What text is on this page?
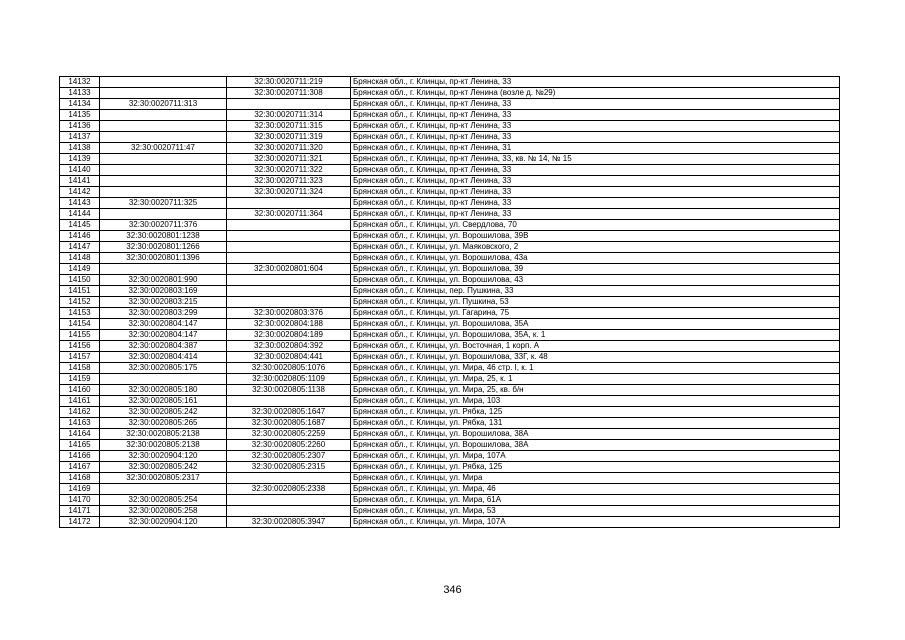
14132		32:30:0020711:219	Брянская обл., г. Клинцы, пр-кт Ленина, 33
14133		32:30:0020711:308	Брянская обл., г. Клинцы, пр-кт Ленина (возле д. №29)
14134	32:30:0020711:313		Брянская обл., г. Клинцы, пр-кт Ленина, 33
14135		32:30:0020711:314	Брянская обл., г. Клинцы, пр-кт Ленина, 33
14136		32:30:0020711:315	Брянская обл., г. Клинцы, пр-кт Ленина, 33
14137		32:30:0020711:319	Брянская обл., г. Клинцы, пр-кт Ленина, 33
14138	32:30:0020711:47	32:30:0020711:320	Брянская обл., г. Клинцы, пр-кт Ленина, 31
14139		32:30:0020711:321	Брянская обл., г. Клинцы, пр-кт Ленина, 33, кв. № 14, № 15
14140		32:30:0020711:322	Брянская обл., г. Клинцы, пр-кт Ленина, 33
14141		32:30:0020711:323	Брянская обл., г. Клинцы, пр-кт Ленина, 33
14142		32:30:0020711:324	Брянская обл., г. Клинцы, пр-кт Ленина, 33
14143	32:30:0020711:325		Брянская обл., г. Клинцы, пр-кт Ленина, 33
14144		32:30:0020711:364	Брянская обл., г. Клинцы, пр-кт Ленина, 33
14145	32:30:0020711:376		Брянская обл., г. Клинцы, ул. Свердлова, 70
14146	32:30:0020801:1238		Брянская обл., г. Клинцы, ул. Ворошилова, 39В
14147	32:30:0020801:1266		Брянская обл., г. Клинцы, ул. Маяковского, 2
14148	32:30:0020801:1396		Брянская обл., г. Клинцы, ул. Ворошилова, 43а
14149		32:30:0020801:604	Брянская обл., г. Клинцы, ул. Ворошилова, 39
14150	32:30:0020801:990		Брянская обл., г. Клинцы, ул. Ворошилова, 43
14151	32:30:0020803:169		Брянская обл., г. Клинцы, пер. Пушкина, 33
14152	32:30:0020803:215		Брянская обл., г. Клинцы, ул. Пушкина, 53
14153	32:30:0020803:299	32:30:0020803:376	Брянская обл., г. Клинцы, ул. Гагарина, 75
14154	32:30:0020804:147	32:30:0020804:188	Брянская обл., г. Клинцы, ул. Ворошилова, 35А
14155	32:30:0020804:147	32:30:0020804:189	Брянская обл., г. Клинцы, ул. Ворошилова, 35А, к. 1
14156	32:30:0020804:387	32:30:0020804:392	Брянская обл., г. Клинцы, ул. Восточная, 1 корп. А
14157	32:30:0020804:414	32:30:0020804:441	Брянская обл., г. Клинцы, ул. Ворошилова, 33Г, к. 48
14158	32:30:0020805:175	32:30:0020805:1076	Брянская обл., г. Клинцы, ул. Мира, 46 стр. I, к. 1
14159		32:30:0020805:1109	Брянская обл., г. Клинцы, ул. Мира, 25, к. 1
14160	32:30:0020805:180	32:30:0020805:1138	Брянская обл., г. Клинцы, ул. Мира, 25, кв. б/н
14161	32:30:0020805:161		Брянская обл., г. Клинцы, ул. Мира, 103
14162	32:30:0020805:242	32:30:0020805:1647	Брянская обл., г. Клинцы, ул. Рябка, 125
14163	32:30:0020805:265	32:30:0020805:1687	Брянская обл., г. Клинцы, ул. Рябка, 131
14164	32:30:0020805:2138	32:30:0020805:2259	Брянская обл., г. Клинцы, ул. Ворошилова, 38А
14165	32:30:0020805:2138	32:30:0020805:2260	Брянская обл., г. Клинцы, ул. Ворошилова, 38А
14166	32:30:0020904:120	32:30:0020805:2307	Брянская обл., г. Клинцы, ул. Мира, 107А
14167	32:30:0020805:242	32:30:0020805:2315	Брянская обл., г. Клинцы, ул. Рябка, 125
14168	32:30:0020805:2317		Брянская обл., г. Клинцы, ул. Мира
14169		32:30:0020805:2338	Брянская обл., г. Клинцы, ул. Мира, 46
14170	32:30:0020805:254		Брянская обл., г. Клинцы, ул. Мира, 61А
14171	32:30:0020805:258		Брянская обл., г. Клинцы, ул. Мира, 53
14172	32:30:0020904:120	32:30:0020805:3947	Брянская обл., г. Клинцы, ул. Мира, 107А
346
